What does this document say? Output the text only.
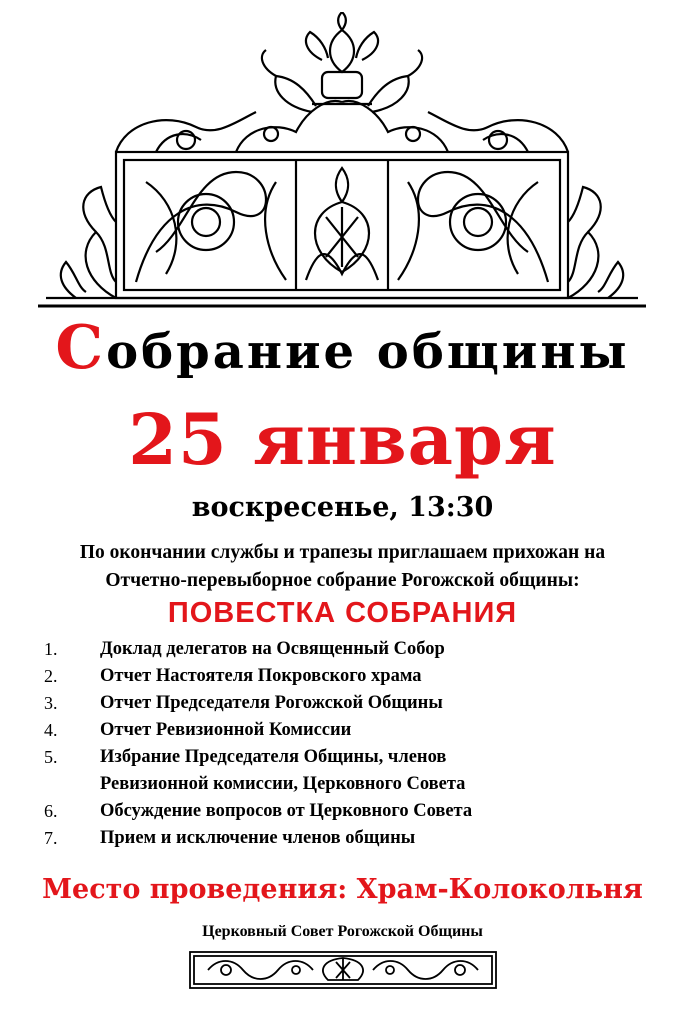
Собрание общины
25 января
воскресенье, 13:30
По окончании службы и трапезы приглашаем прихожан на
Отчетно-перевыборное собрание Рогожской общины:
ПОВЕСТКА СОБРАНИЯ
1.	Доклад делегатов на Освященный Собор
2.	Отчет Настоятеля Покровского храма
3.	Отчет Председателя Рогожской Общины
4.	Отчет Ревизионной Комиссии
5.	Избрание Председателя Общины, членов
Ревизионной комиссии, Церковного Совета
6.	Обсуждение вопросов от Церковного Совета
7.	Прием и исключение членов общины
Место проведения: Храм-Колокольня
Церковный Совет Рогожской Общины
